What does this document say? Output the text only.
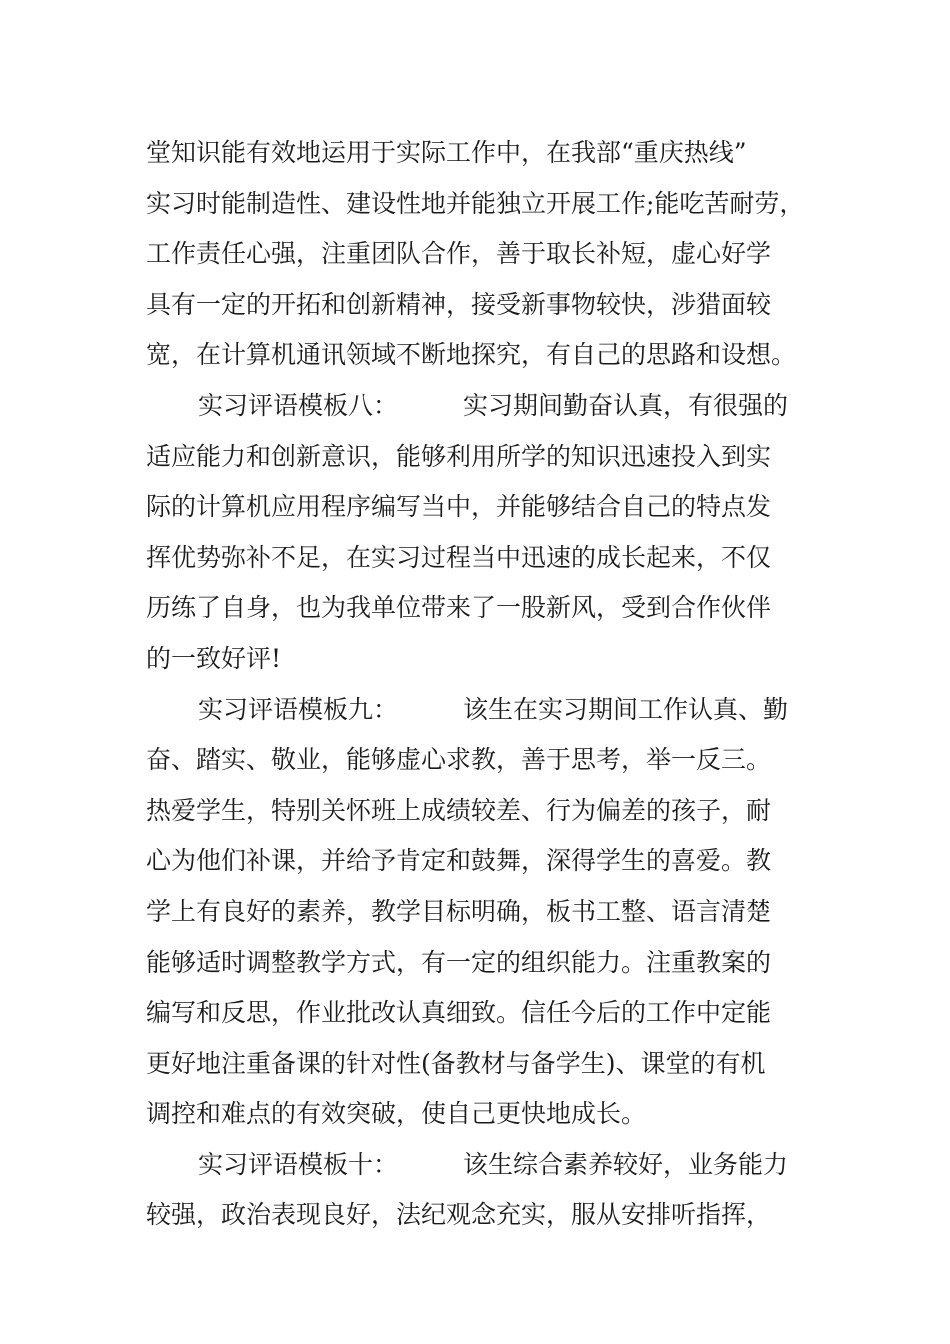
堂知识能有效地运用于实际工作中，在我部“重庆热线”
实习时能制造性、建设性地并能独立开展工作;能吃苦耐劳，
工作责任心强，注重团队合作，善于取长补短，虚心好学
具有一定的开拓和创新精神，接受新事物较快，涉猎面较
宽，在计算机通讯领域不断地探究，有自己的思路和设想。
实习评语模板八：	实习期间勤奋认真，有很强的
适应能力和创新意识，能够利用所学的知识迅速投入到实
际的计算机应用程序编写当中，并能够结合自己的特点发
挥优势弥补不足，在实习过程当中迅速的成长起来，不仅
历练了自身，也为我单位带来了一股新风，受到合作伙伴
的一致好评!
实习评语模板九：	该生在实习期间工作认真、勤
奋、踏实、敬业，能够虚心求教，善于思考，举一反三。
热爱学生，特别关怀班上成绩较差、行为偏差的孩子，耐
心为他们补课，并给予肯定和鼓舞，深得学生的喜爱。教
学上有良好的素养，教学目标明确，板书工整、语言清楚
能够适时调整教学方式，有一定的组织能力。注重教案的
编写和反思，作业批改认真细致。信任今后的工作中定能
更好地注重备课的针对性(备教材与备学生)、课堂的有机
调控和难点的有效突破，使自己更快地成长。
实习评语模板十：	该生综合素养较好，业务能力
较强，政治表现良好，法纪观念充实，服从安排听指挥，
